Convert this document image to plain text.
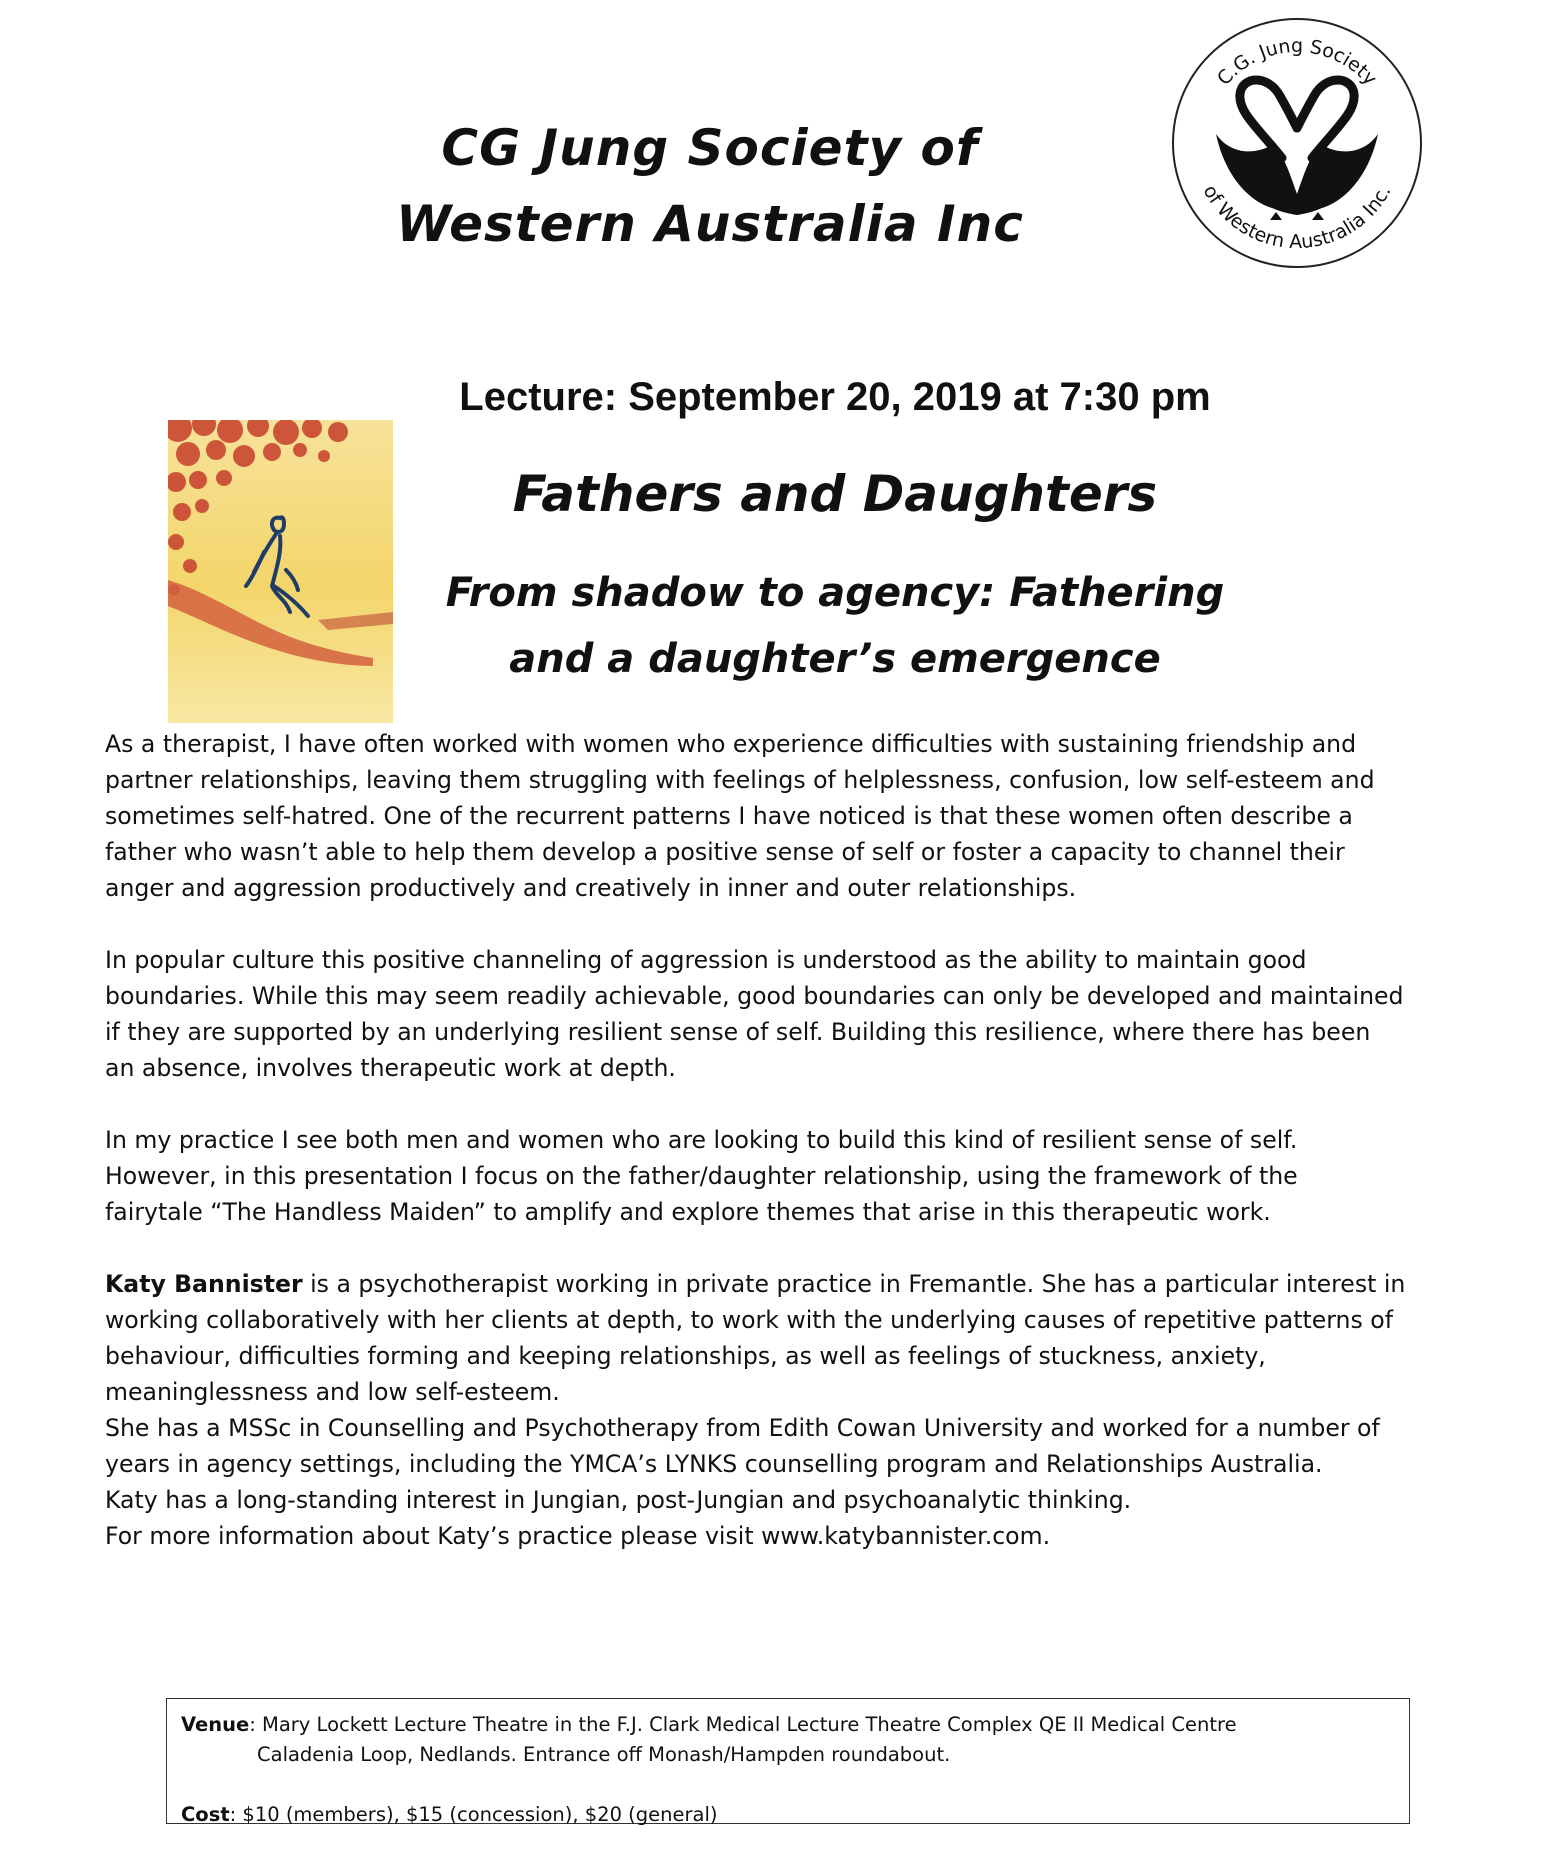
CG Jung Society of
Western Australia Inc
C.G. Jung Society
of Western Australia Inc.
Lecture: September 20, 2019 at 7:30 pm
Fathers and Daughters
From shadow to agency: Fathering
and a daughter’s emergence

As a therapist, I have often worked with women who experience difficulties with sustaining friendship and
partner relationships, leaving them struggling with feelings of helplessness, confusion, low self-esteem and
sometimes self-hatred. One of the recurrent patterns I have noticed is that these women often describe a
father who wasn’t able to help them develop a positive sense of self or foster a capacity to channel their
anger and aggression productively and creatively in inner and outer relationships.

In popular culture this positive channeling of aggression is understood as the ability to maintain good
boundaries. While this may seem readily achievable, good boundaries can only be developed and maintained
if they are supported by an underlying resilient sense of self. Building this resilience, where there has been
an absence, involves therapeutic work at depth.

In my practice I see both men and women who are looking to build this kind of resilient sense of self.
However, in this presentation I focus on the father/daughter relationship, using the framework of the
fairytale “The Handless Maiden” to amplify and explore themes that arise in this therapeutic work.

Katy Bannister is a psychotherapist working in private practice in Fremantle. She has a particular interest in
working collaboratively with her clients at depth, to work with the underlying causes of repetitive patterns of
behaviour, difficulties forming and keeping relationships, as well as feelings of stuckness, anxiety,
meaninglessness and low self-esteem.
She has a MSSc in Counselling and Psychotherapy from Edith Cowan University and worked for a number of
years in agency settings, including the YMCA’s LYNKS counselling program and Relationships Australia.
Katy has a long-standing interest in Jungian, post-Jungian and psychoanalytic thinking.
For more information about Katy’s practice please visit www.katybannister.com.

Venue: Mary Lockett Lecture Theatre in the F.J. Clark Medical Lecture Theatre Complex QE II Medical Centre
Caladenia Loop, Nedlands. Entrance off Monash/Hampden roundabout.
Cost: $10 (members), $15 (concession), $20 (general)
